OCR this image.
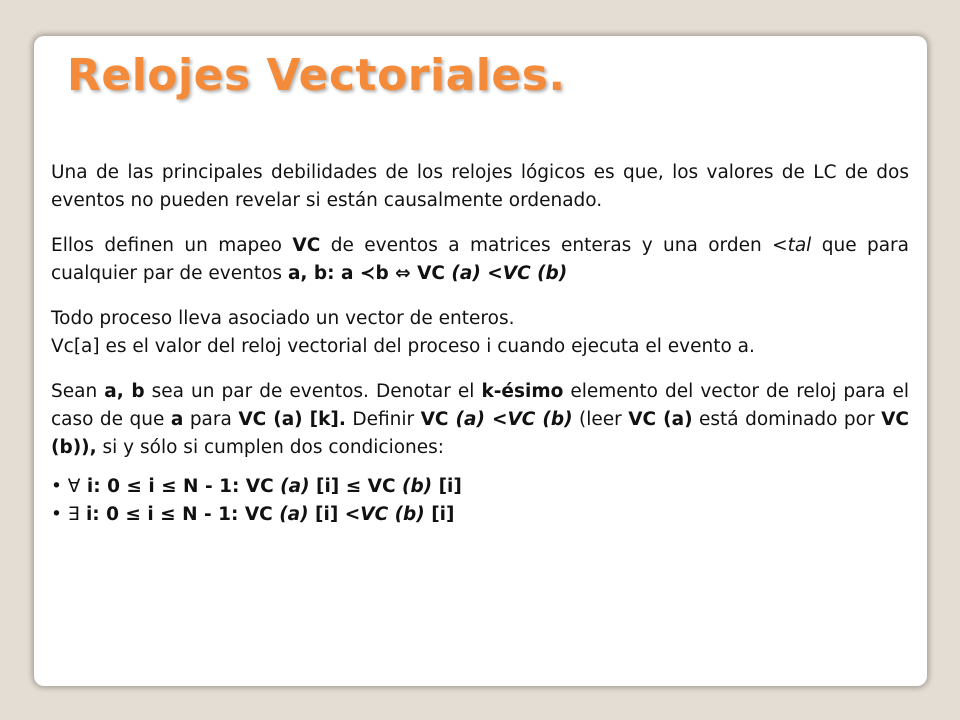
Relojes Vectoriales.

Una de las principales debilidades de los relojes lógicos es que, los valores de LC de dos eventos no pueden revelar si están causalmente ordenado.

Ellos definen un mapeo VC de eventos a matrices enteras y una orden <tal que para cualquier par de eventos a, b: a ≺b ⇔ VC (a) <VC (b)

Todo proceso lleva asociado un vector de enteros.
Vc[a] es el valor del reloj vectorial del proceso i cuando ejecuta el evento a.

Sean a, b sea un par de eventos. Denotar el k-ésimo elemento del vector de reloj para el caso de que a para VC (a) [k]. Definir VC (a) <VC (b) (leer VC (a) está dominado por VC (b)), si y sólo si cumplen dos condiciones:

• ∀ i: 0 ≤ i ≤ N - 1: VC (a) [i] ≤ VC (b) [i]
• ∃ i: 0 ≤ i ≤ N - 1: VC (a) [i] <VC (b) [i]
